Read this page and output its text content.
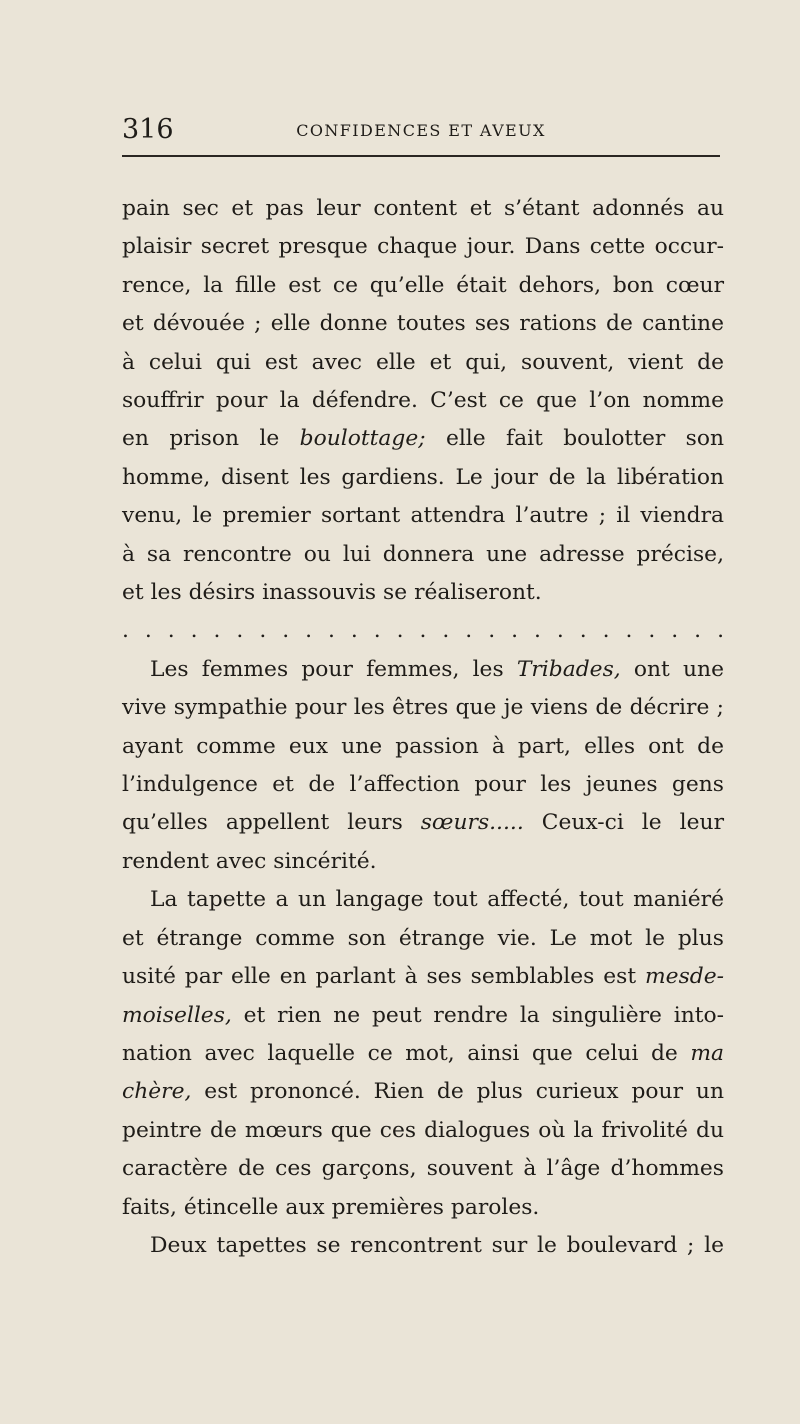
316	CONFIDENCES ET AVEUX
pain sec et pas leur content et s’étant adonnés au
plaisir secret presque chaque jour. Dans cette occur-
rence, la fille est ce qu’elle était dehors, bon cœur
et dévouée ; elle donne toutes ses rations de cantine
à celui qui est avec elle et qui, souvent, vient de
souffrir pour la défendre. C’est ce que l’on nomme
en prison le boulottage; elle fait boulotter son
homme, disent les gardiens. Le jour de la libération
venu, le premier sortant attendra l’autre ; il viendra
à sa rencontre ou lui donnera une adresse précise,
et les désirs inassouvis se réaliseront.
. . . . . . . . . . . . . . . . . . . . . . . . . . .
Les femmes pour femmes, les Tribades, ont une
vive sympathie pour les êtres que je viens de décrire ;
ayant comme eux une passion à part, elles ont de
l’indulgence et de l’affection pour les jeunes gens
qu’elles appellent leurs sœurs..... Ceux-ci le leur
rendent avec sincérité.
La tapette a un langage tout affecté, tout maniéré
et étrange comme son étrange vie. Le mot le plus
usité par elle en parlant à ses semblables est mesde-
moiselles, et rien ne peut rendre la singulière into-
nation avec laquelle ce mot, ainsi que celui de ma
chère, est prononcé. Rien de plus curieux pour un
peintre de mœurs que ces dialogues où la frivolité du
caractère de ces garçons, souvent à l’âge d’hommes
faits, étincelle aux premières paroles.
Deux tapettes se rencontrent sur le boulevard ; le
